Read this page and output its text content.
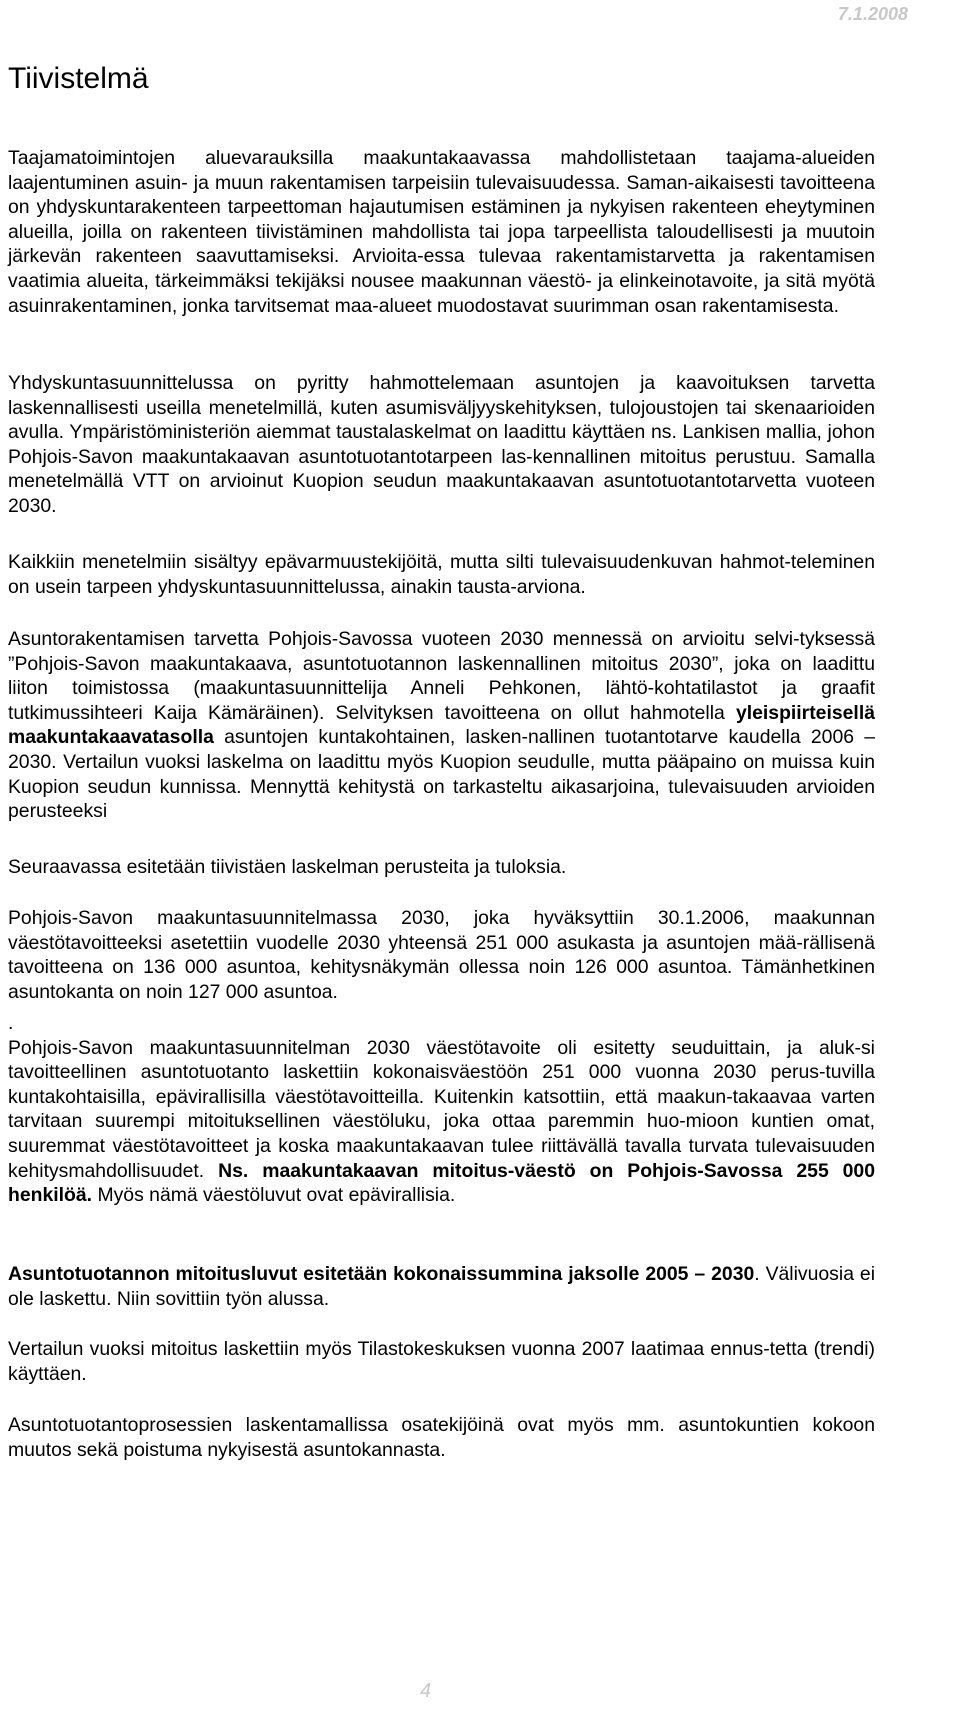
7.1.2008
Tiivistelmä

Taajamatoimintojen aluevarauksilla maakuntakaavassa mahdollistetaan taajama-alueiden laajentuminen asuin- ja muun rakentamisen tarpeisiin tulevaisuudessa. Saman-aikaisesti tavoitteena on yhdyskuntarakenteen tarpeettoman hajautumisen estäminen ja nykyisen rakenteen eheytyminen alueilla, joilla on rakenteen tiivistäminen mahdollista tai jopa tarpeellista taloudellisesti ja muutoin järkevän rakenteen saavuttamiseksi. Arvioita-essa tulevaa rakentamistarvetta ja rakentamisen vaatimia alueita, tärkeimmäksi tekijäksi nousee maakunnan väestö- ja elinkeinotavoite, ja sitä myötä asuinrakentaminen, jonka tarvitsemat maa-alueet muodostavat suurimman osan rakentamisesta.

Yhdyskuntasuunnittelussa on pyritty hahmottelemaan asuntojen ja kaavoituksen tarvetta laskennallisesti useilla menetelmillä, kuten asumisväljyyskehityksen, tulojoustojen tai skenaarioiden avulla. Ympäristöministeriön aiemmat taustalaskelmat on laadittu käyttäen ns. Lankisen mallia, johon Pohjois-Savon maakuntakaavan asuntotuotantotarpeen las-kennallinen mitoitus perustuu. Samalla menetelmällä VTT on arvioinut Kuopion seudun maakuntakaavan asuntotuotantotarvetta vuoteen 2030.

Kaikkiin menetelmiin sisältyy epävarmuustekijöitä, mutta silti tulevaisuudenkuvan hahmot-teleminen on usein tarpeen yhdyskuntasuunnittelussa, ainakin tausta-arviona.

Asuntorakentamisen tarvetta Pohjois-Savossa vuoteen 2030 mennessä on arvioitu selvi-tyksessä ”Pohjois-Savon maakuntakaava, asuntotuotannon laskennallinen mitoitus 2030”, joka on laadittu liiton toimistossa (maakuntasuunnittelija Anneli Pehkonen, lähtö-kohtatilastot ja graafit tutkimussihteeri Kaija Kämäräinen). Selvityksen tavoitteena on ollut hahmotella yleispiirteisellä maakuntakaavatasolla asuntojen kuntakohtainen, lasken-nallinen tuotantotarve kaudella 2006 – 2030. Vertailun vuoksi laskelma on laadittu myös Kuopion seudulle, mutta pääpaino on muissa kuin Kuopion seudun kunnissa. Mennyttä kehitystä on tarkasteltu aikasarjoina, tulevaisuuden arvioiden perusteeksi

Seuraavassa esitetään tiivistäen laskelman perusteita ja tuloksia.

Pohjois-Savon maakuntasuunnitelmassa 2030, joka hyväksyttiin 30.1.2006, maakunnan väestötavoitteeksi asetettiin vuodelle 2030 yhteensä 251 000 asukasta ja asuntojen mää-rällisenä tavoitteena on 136 000 asuntoa, kehitysnäkymän ollessa noin 126 000 asuntoa. Tämänhetkinen asuntokanta on noin 127 000 asuntoa.

.
Pohjois-Savon maakuntasuunnitelman 2030 väestötavoite oli esitetty seuduittain, ja aluk-si tavoitteellinen asuntotuotanto laskettiin kokonaisväestöön 251 000 vuonna 2030 perus-tuvilla kuntakohtaisilla, epävirallisilla väestötavoitteilla. Kuitenkin katsottiin, että maakun-takaavaa varten tarvitaan suurempi mitoituksellinen väestöluku, joka ottaa paremmin huo-mioon kuntien omat, suuremmat väestötavoitteet ja koska maakuntakaavan tulee riittävällä tavalla turvata tulevaisuuden kehitysmahdollisuudet. Ns. maakuntakaavan mitoitus-väestö on Pohjois-Savossa 255 000 henkilöä. Myös nämä väestöluvut ovat epävirallisia.

Asuntotuotannon mitoitusluvut esitetään kokonaissummina jaksolle 2005 – 2030. Välivuosia ei ole laskettu. Niin sovittiin työn alussa.

Vertailun vuoksi mitoitus laskettiin myös Tilastokeskuksen vuonna 2007 laatimaa ennus-tetta (trendi) käyttäen.

Asuntotuotantoprosessien laskentamallissa osatekijöinä ovat myös mm. asuntokuntien kokoon muutos sekä poistuma nykyisestä asuntokannasta.

4
